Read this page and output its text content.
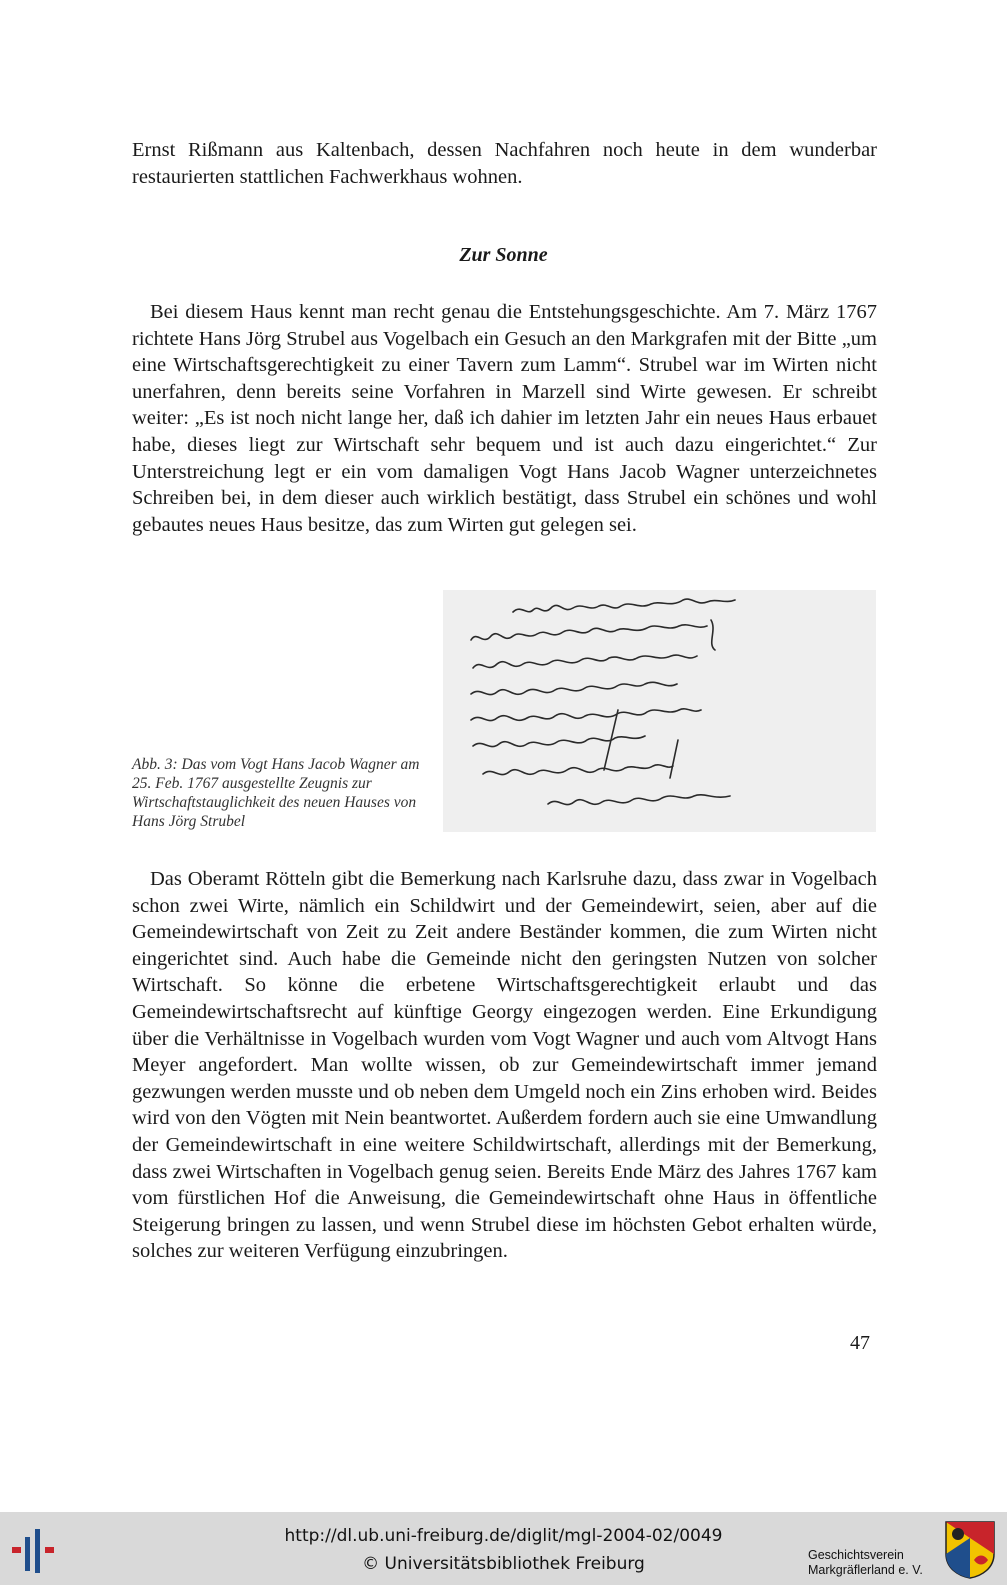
Ernst Rißmann aus Kaltenbach, dessen Nachfahren noch heute in dem wunderbar restaurierten stattlichen Fachwerkhaus wohnen.

Zur Sonne

Bei diesem Haus kennt man recht genau die Entstehungsgeschichte. Am 7. März 1767 richtete Hans Jörg Strubel aus Vogelbach ein Gesuch an den Markgrafen mit der Bitte „um eine Wirtschaftsgerechtigkeit zu einer Tavern zum Lamm“. Strubel war im Wirten nicht unerfahren, denn bereits seine Vorfahren in Marzell sind Wirte gewesen. Er schreibt weiter: „Es ist noch nicht lange her, daß ich dahier im letzten Jahr ein neues Haus erbauet habe, dieses liegt zur Wirtschaft sehr bequem und ist auch dazu eingerichtet.“ Zur Unterstreichung legt er ein vom damaligen Vogt Hans Jacob Wagner unterzeichnetes Schreiben bei, in dem dieser auch wirklich bestätigt, dass Strubel ein schönes und wohl gebautes neues Haus besitze, das zum Wirten gut gelegen sei.

Abb. 3: Das vom Vogt Hans Jacob Wagner am 25. Feb. 1767 ausgestellte Zeugnis zur Wirtschaftstauglichkeit des neuen Hauses von Hans Jörg Strubel

Das Oberamt Rötteln gibt die Bemerkung nach Karlsruhe dazu, dass zwar in Vogelbach schon zwei Wirte, nämlich ein Schildwirt und der Gemeindewirt, seien, aber auf die Gemeindewirtschaft von Zeit zu Zeit andere Beständer kommen, die zum Wirten nicht eingerichtet sind. Auch habe die Gemeinde nicht den geringsten Nutzen von solcher Wirtschaft. So könne die erbetene Wirtschaftsgerechtigkeit erlaubt und das Gemeindewirtschaftsrecht auf künftige Georgy eingezogen werden. Eine Erkundigung über die Verhältnisse in Vogelbach wurden vom Vogt Wagner und auch vom Altvogt Hans Meyer angefordert. Man wollte wissen, ob zur Gemeindewirtschaft immer jemand gezwungen werden musste und ob neben dem Umgeld noch ein Zins erhoben wird. Beides wird von den Vögten mit Nein beantwortet. Außerdem fordern auch sie eine Umwandlung der Gemeindewirtschaft in eine weitere Schildwirtschaft, allerdings mit der Bemerkung, dass zwei Wirtschaften in Vogelbach genug seien. Bereits Ende März des Jahres 1767 kam vom fürstlichen Hof die Anweisung, die Gemeindewirtschaft ohne Haus in öffentliche Steigerung bringen zu lassen, und wenn Strubel diese im höchsten Gebot erhalten würde, solches zur weiteren Verfügung einzubringen.

47

http://dl.ub.uni-freiburg.de/diglit/mgl-2004-02/0049
© Universitätsbibliothek Freiburg	Geschichtsverein
Markgräflerland e. V.
